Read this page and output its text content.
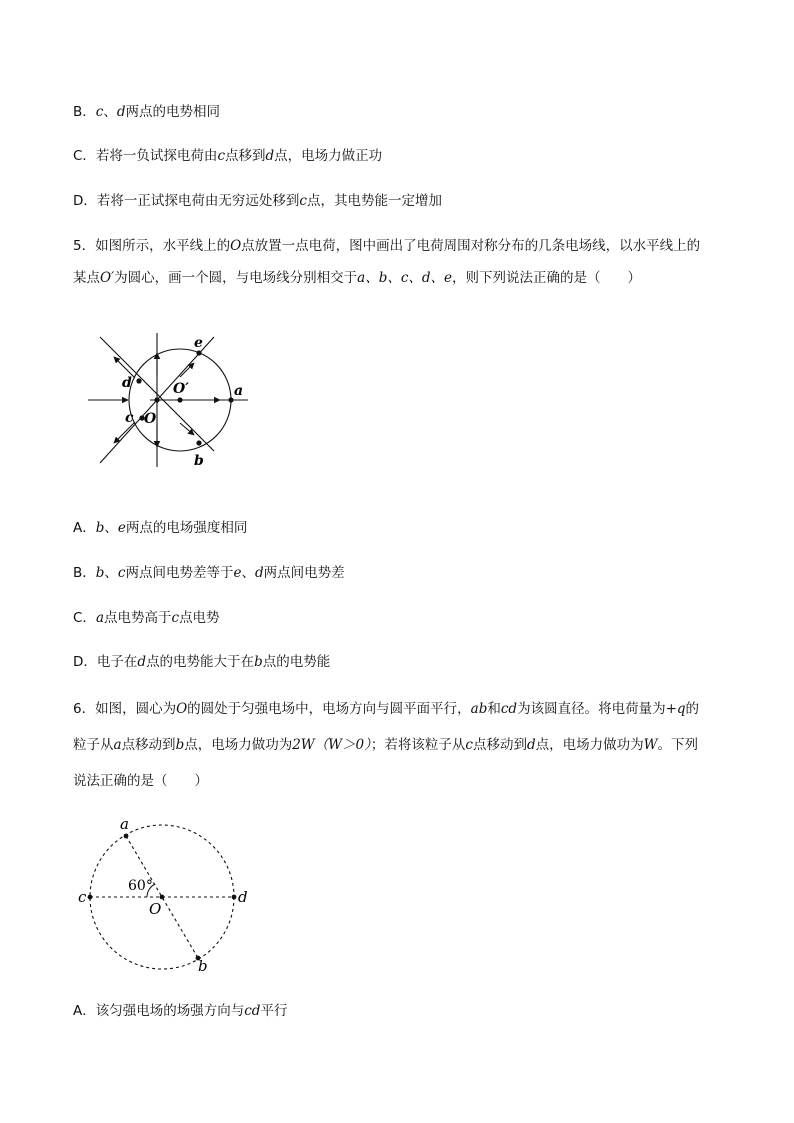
B．c、d两点的电势相同
C．若将一负试探电荷由c点移到d点，电场力做正功
D．若将一正试探电荷由无穷远处移到c点，其电势能一定增加
5．如图所示，水平线上的O点放置一点电荷，图中画出了电荷周围对称分布的几条电场线，以水平线上的
某点O′为圆心，画一个圆，与电场线分别相交于a、b、c、d、e，则下列说法正确的是（　　）
a
b
c
d
e
O
O′
A．b、e两点的电场强度相同
B．b、c两点间电势差等于e、d两点间电势差
C．a点电势高于c点电势
D．电子在d点的电势能大于在b点的电势能
6．如图，圆心为O的圆处于匀强电场中，电场方向与圆平面平行，ab和cd为该圆直径。将电荷量为+q的
粒子从a点移动到b点，电场力做功为2W（W＞0）；若将该粒子从c点移动到d点，电场力做功为W。下列
说法正确的是（　　）
a
b
c	d
O
60°
A．该匀强电场的场强方向与cd平行
